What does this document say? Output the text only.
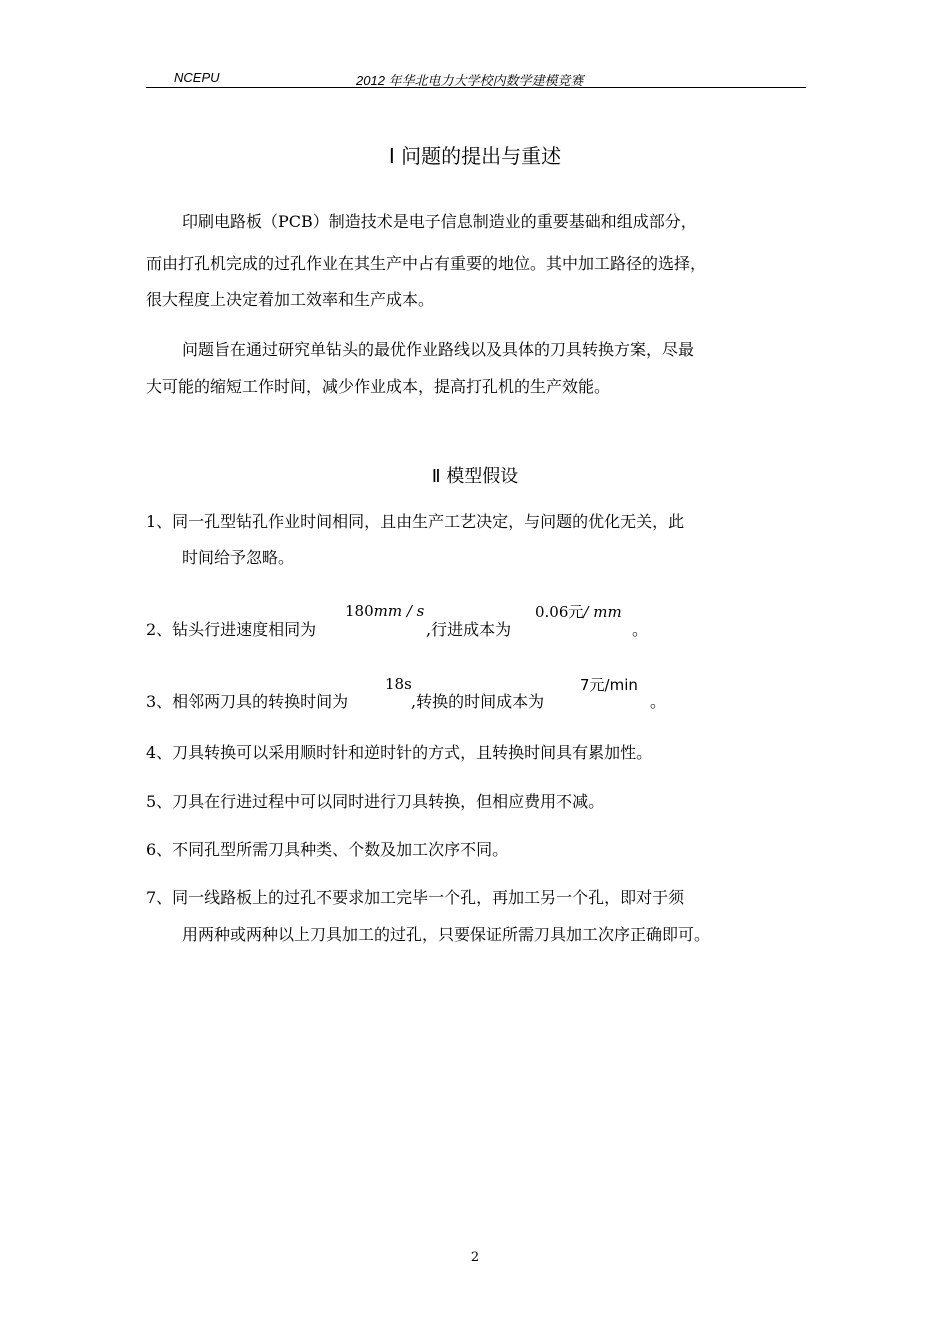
NCEPU	2012 年华北电力大学校内数学建模竞赛
Ⅰ 问题的提出与重述
印刷电路板（PCB）制造技术是电子信息制造业的重要基础和组成部分，
而由打孔机完成的过孔作业在其生产中占有重要的地位。其中加工路径的选择，
很大程度上决定着加工效率和生产成本。
问题旨在通过研究单钻头的最优作业路线以及具体的刀具转换方案，尽最
大可能的缩短工作时间，减少作业成本，提高打孔机的生产效能。
Ⅱ 模型假设
1、同一孔型钻孔作业时间相同，且由生产工艺决定，与问题的优化无关，此
时间给予忽略。
2、钻头行进速度相同为
180mm / s
,行进成本为
0.06元/ mm
。
3、相邻两刀具的转换时间为
18s
,转换的时间成本为
7元/min
。
4、刀具转换可以采用顺时针和逆时针的方式，且转换时间具有累加性。
5、刀具在行进过程中可以同时进行刀具转换，但相应费用不减。
6、不同孔型所需刀具种类、个数及加工次序不同。
7、同一线路板上的过孔不要求加工完毕一个孔，再加工另一个孔，即对于须
用两种或两种以上刀具加工的过孔，只要保证所需刀具加工次序正确即可。
2
